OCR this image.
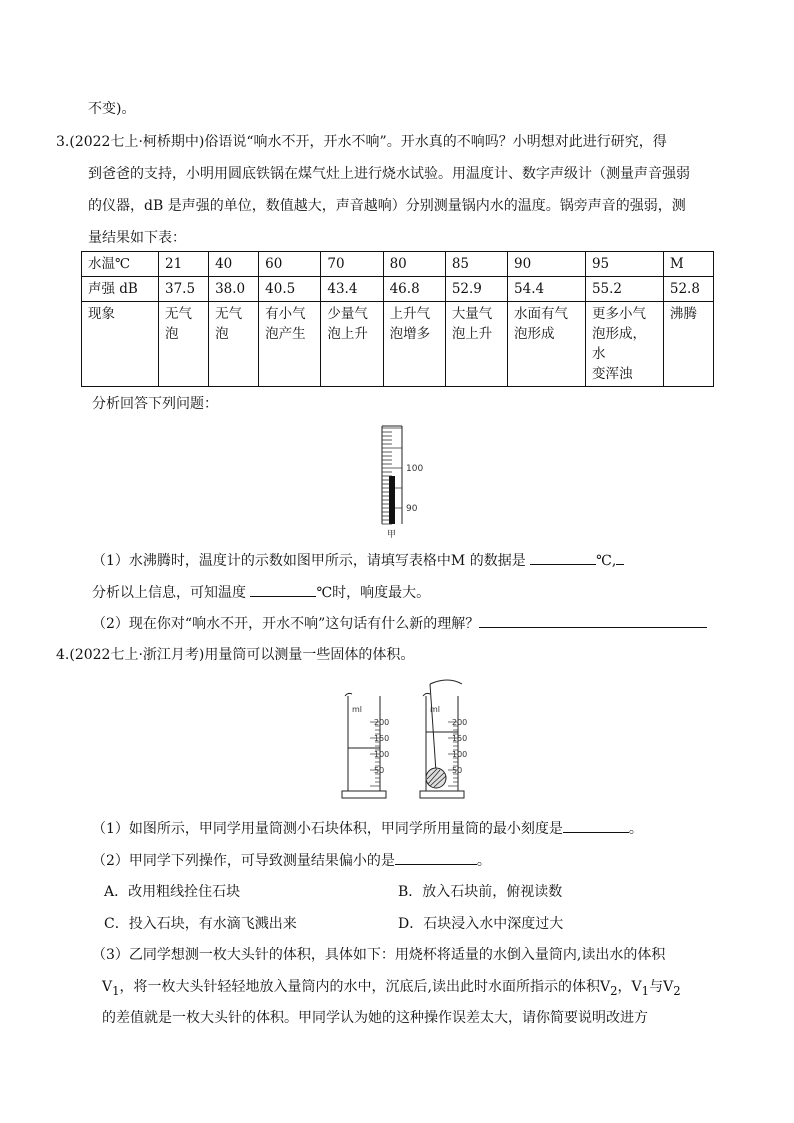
不变)。
3.(2022七上·柯桥期中)俗语说“响水不开，开水不响”。开水真的不响吗？小明想对此进行研究，得
到爸爸的支持，小明用圆底铁锅在煤气灶上进行烧水试验。用温度计、数字声级计（测量声音强弱
的仪器，dB 是声强的单位，数值越大，声音越响）分别测量锅内水的温度。锅旁声音的强弱，测
量结果如下表：
水温℃	21	40	60	70	80	85	90	95	M
声强 dB	37.5	38.0	40.5	43.4	46.8	52.9	54.4	55.2	52.8
现象	无气
泡	无气
泡	有小气
泡产生	少量气
泡上升	上升气
泡增多	大量气
泡上升	水面有气
泡形成	更多小气
泡形成，
水
变浑浊	沸腾
分析回答下列问题：
100
90
甲
（1）水沸腾时，温度计的示数如图甲所示，请填写表格中M 的数据是	℃,
分析以上信息，可知温度	℃时，响度最大。
（2）现在你对“响水不开，开水不响”这句话有什么新的理解？
4.(2022七上·浙江月考)用量筒可以测量一些固体的体积。
ml
200
150
100
50
ml
200
150
100
50
（1）如图所示，甲同学用量筒测小石块体积，甲同学所用量筒的最小刻度是	。
（2）甲同学下列操作，可导致测量结果偏小的是	。
A．改用粗线拴住石块	B．放入石块前，俯视读数
C．投入石块，有水滴飞溅出来	D．石块浸入水中深度过大
（3）乙同学想测一枚大头针的体积，具体如下：用烧杯将适量的水倒入量筒内,读出水的体积
$V_1$，将一枚大头针轻轻地放入量筒内的水中，沉底后,读出此时水面所指示的体积$V_2$，$V_1$与$V_2$
的差值就是一枚大头针的体积。甲同学认为她的这种操作误差太大，请你简要说明改进方
